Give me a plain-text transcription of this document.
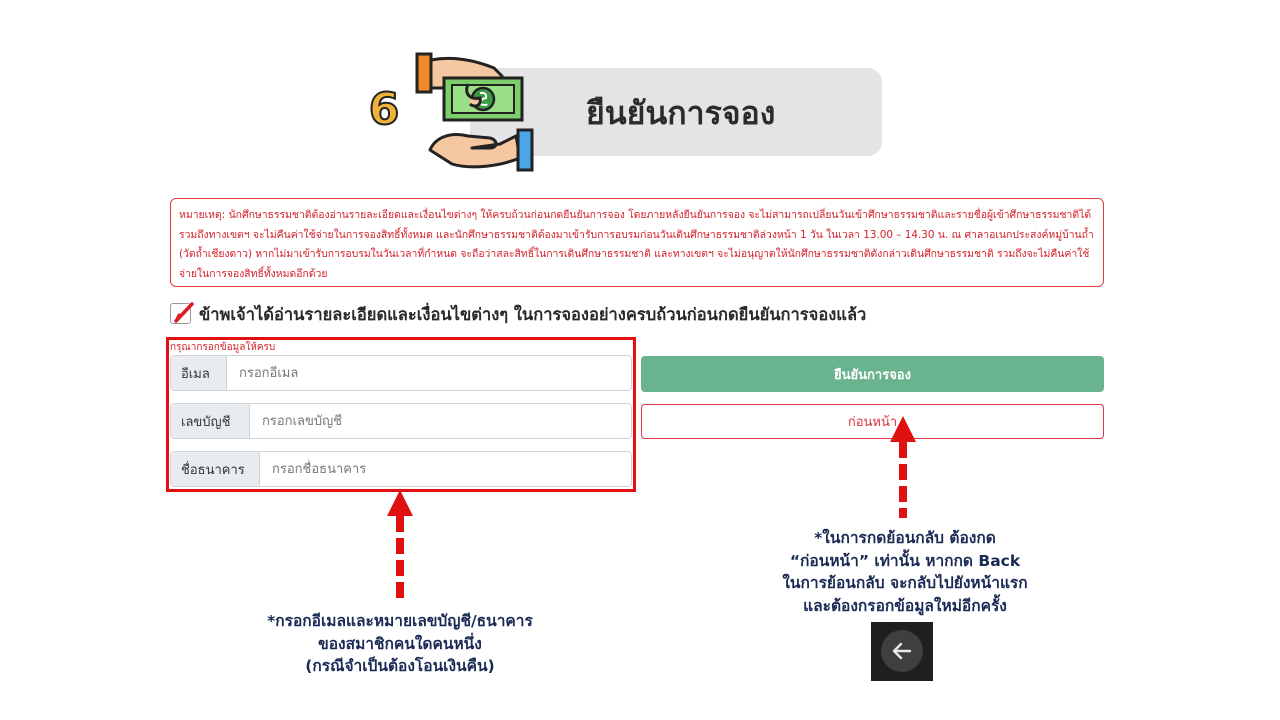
6	ยืนยันการจอง
หมายเหตุ: นักศึกษาธรรมชาติต้องอ่านรายละเอียดและเงื่อนไขต่างๆ ให้ครบถ้วนก่อนกดยืนยันการจอง โดยภายหลังยืนยันการจอง จะไม่สามารถเปลี่ยนวันเข้าศึกษาธรรมชาติและรายชื่อผู้เข้าศึกษาธรรมชาติได้ รวมถึงทางเขตฯ จะไม่คืนค่าใช้จ่ายในการจองสิทธิ์ทั้งหมด และนักศึกษาธรรมชาติต้องมาเข้ารับการอบรมก่อนวันเดินศึกษาธรรมชาติล่วงหน้า 1 วัน ในเวลา 13.00 – 14.30 น. ณ ศาลาอเนกประสงค์หมู่บ้านถ้ำ (วัดถ้ำเชียงดาว) หากไม่มาเข้ารับการอบรมในวันเวลาที่กำหนด จะถือว่าสละสิทธิ์ในการเดินศึกษาธรรมชาติ และทางเขตฯ จะไม่อนุญาตให้นักศึกษาธรรมชาติดังกล่าวเดินศึกษาธรรมชาติ รวมถึงจะไม่คืนค่าใช้จ่ายในการจองสิทธิ์ทั้งหมดอีกด้วย
ข้าพเจ้าได้อ่านรายละเอียดและเงื่อนไขต่างๆ ในการจองอย่างครบถ้วนก่อนกดยืนยันการจองแล้ว
กรุณากรอกข้อมูลให้ครบ
อีเมล
กรอกอีเมล
เลขบัญชี
กรอกเลขบัญชี
ชื่อธนาคาร
กรอกชื่อธนาคาร
ยืนยันการจอง
ก่อนหน้า
*กรอกอีเมลและหมายเลขบัญชี/ธนาคาร
ของสมาชิกคนใดคนหนึ่ง
(กรณีจำเป็นต้องโอนเงินคืน)
*ในการกดย้อนกลับ ต้องกด
“ก่อนหน้า” เท่านั้น หากกด Back
ในการย้อนกลับ จะกลับไปยังหน้าแรก
และต้องกรอกข้อมูลใหม่อีกครั้ง
